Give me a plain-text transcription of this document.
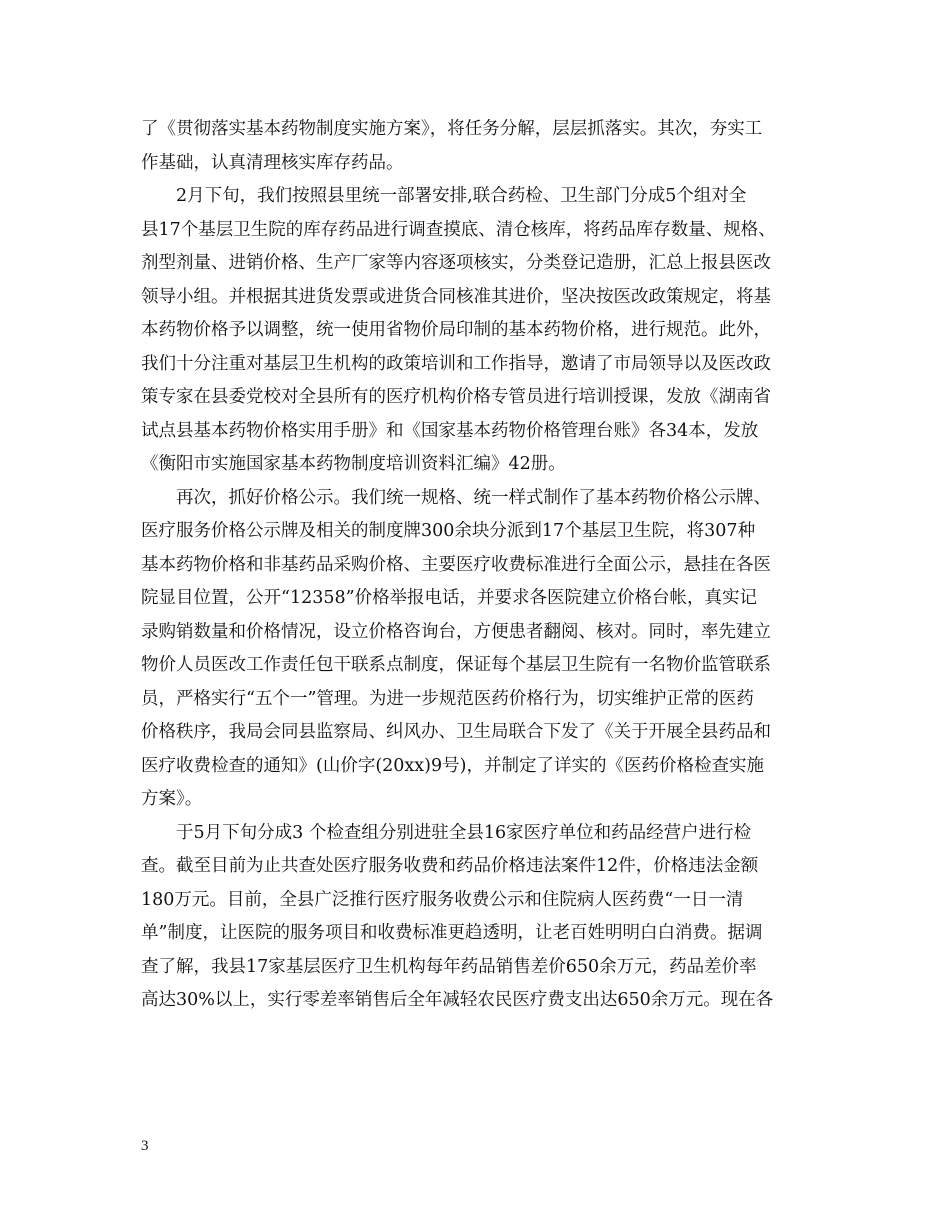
了《贯彻落实基本药物制度实施方案》，将任务分解，层层抓落实。其次，夯实工
作基础，认真清理核实库存药品。
2月下旬，我们按照县里统一部署安排,联合药检、卫生部门分成5个组对全
县17个基层卫生院的库存药品进行调查摸底、清仓核库，将药品库存数量、规格、
剂型剂量、进销价格、生产厂家等内容逐项核实，分类登记造册，汇总上报县医改
领导小组。并根据其进货发票或进货合同核准其进价，坚决按医改政策规定，将基
本药物价格予以调整，统一使用省物价局印制的基本药物价格，进行规范。此外，
我们十分注重对基层卫生机构的政策培训和工作指导，邀请了市局领导以及医改政
策专家在县委党校对全县所有的医疗机构价格专管员进行培训授课，发放《湖南省
试点县基本药物价格实用手册》和《国家基本药物价格管理台账》各34本，发放
《衡阳市实施国家基本药物制度培训资料汇编》42册。
再次，抓好价格公示。我们统一规格、统一样式制作了基本药物价格公示牌、
医疗服务价格公示牌及相关的制度牌300余块分派到17个基层卫生院，将307种
基本药物价格和非基药品采购价格、主要医疗收费标准进行全面公示，悬挂在各医
院显目位置，公开“12358”价格举报电话，并要求各医院建立价格台帐，真实记
录购销数量和价格情况，设立价格咨询台，方便患者翻阅、核对。同时，率先建立
物价人员医改工作责任包干联系点制度，保证每个基层卫生院有一名物价监管联系
员，严格实行“五个一”管理。为进一步规范医药价格行为，切实维护正常的医药
价格秩序，我局会同县监察局、纠风办、卫生局联合下发了《关于开展全县药品和
医疗收费检查的通知》(山价字(20xx)9号)，并制定了详实的《医药价格检查实施
方案》。
于5月下旬分成3 个检查组分别进驻全县16家医疗单位和药品经营户进行检
查。截至目前为止共查处医疗服务收费和药品价格违法案件12件，价格违法金额
180万元。目前，全县广泛推行医疗服务收费公示和住院病人医药费“一日一清
单”制度，让医院的服务项目和收费标准更趋透明，让老百姓明明白白消费。据调
查了解，我县17家基层医疗卫生机构每年药品销售差价650余万元，药品差价率
高达30%以上，实行零差率销售后全年减轻农民医疗费支出达650余万元。现在各
3
